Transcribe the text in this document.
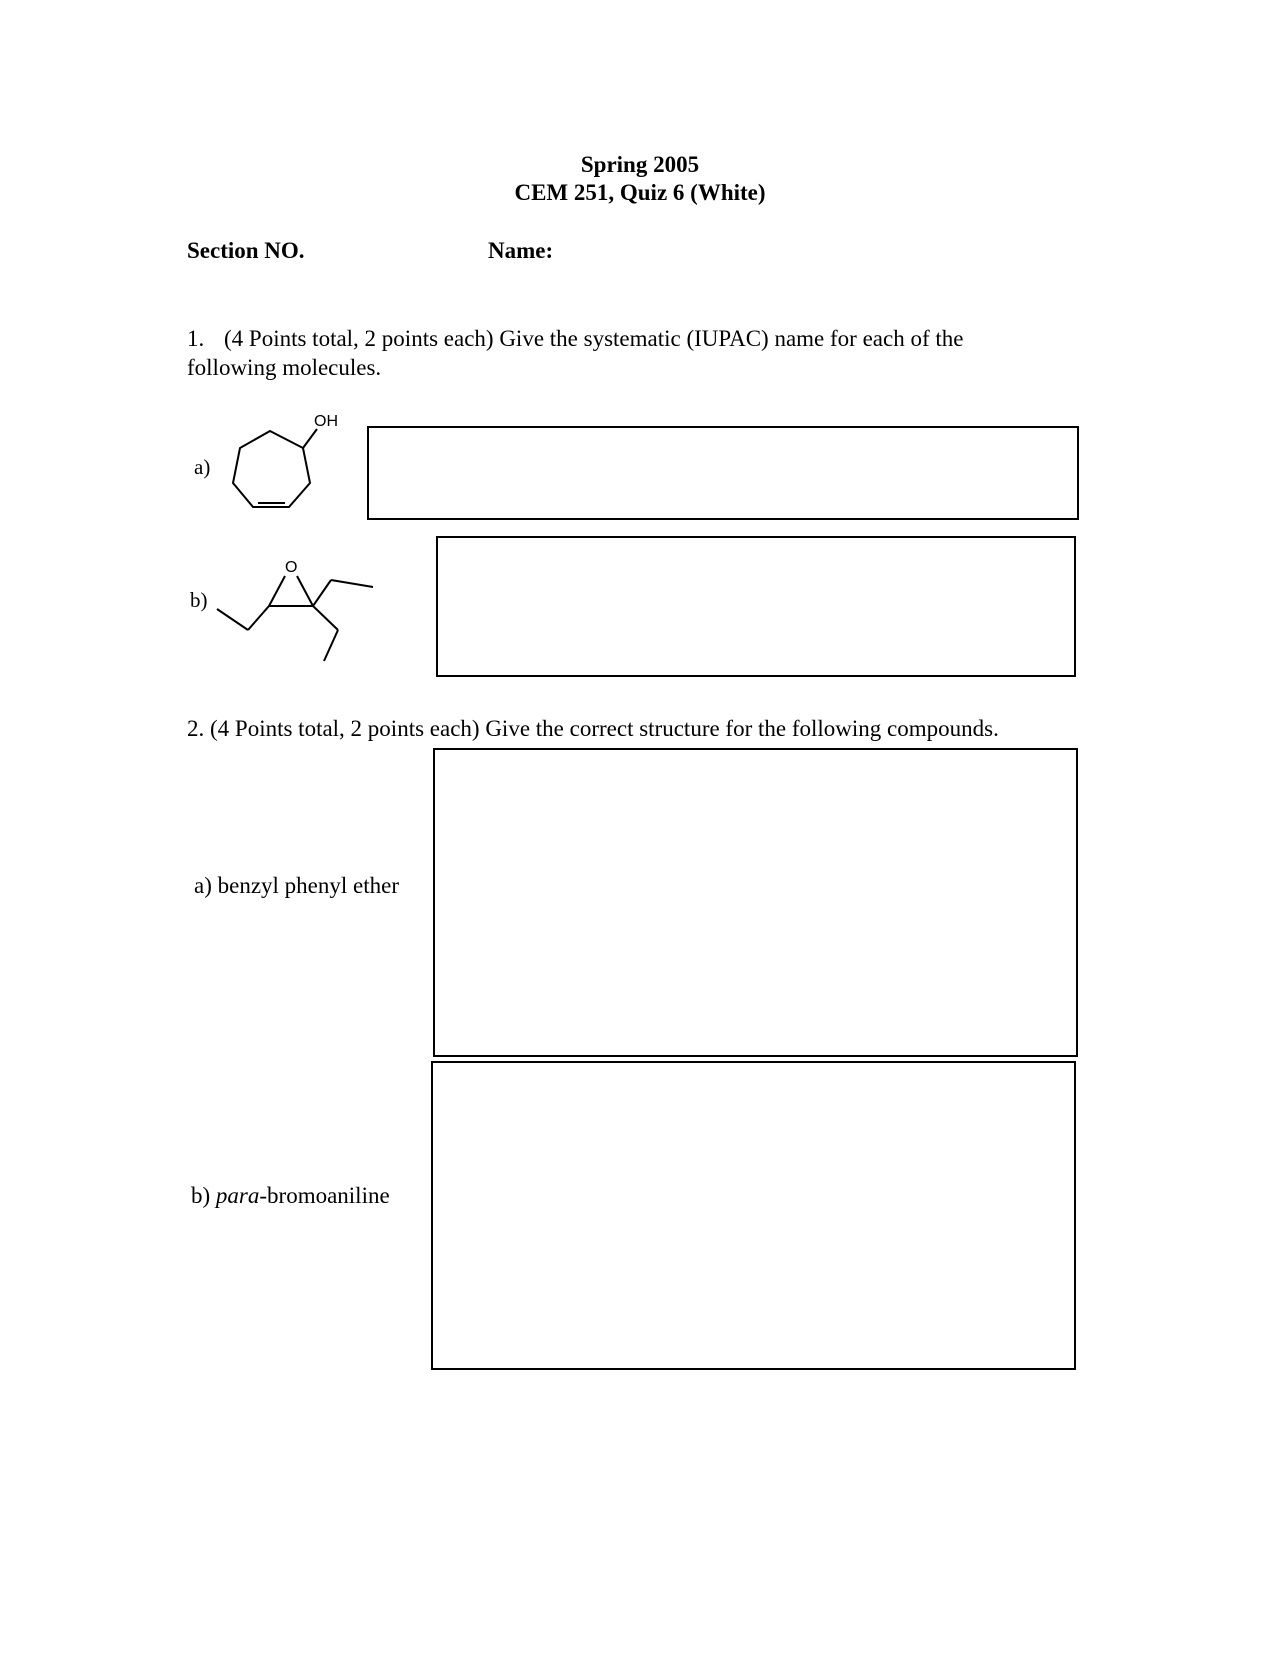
Spring 2005
CEM 251, Quiz 6 (White)
Section NO.	Name:
1. (4 Points total, 2 points each) Give the systematic (IUPAC) name for each of the
following molecules.
a)
OH
b)
O
2. (4 Points total, 2 points each) Give the correct structure for the following compounds.
a) benzyl phenyl ether
b) para-bromoaniline
